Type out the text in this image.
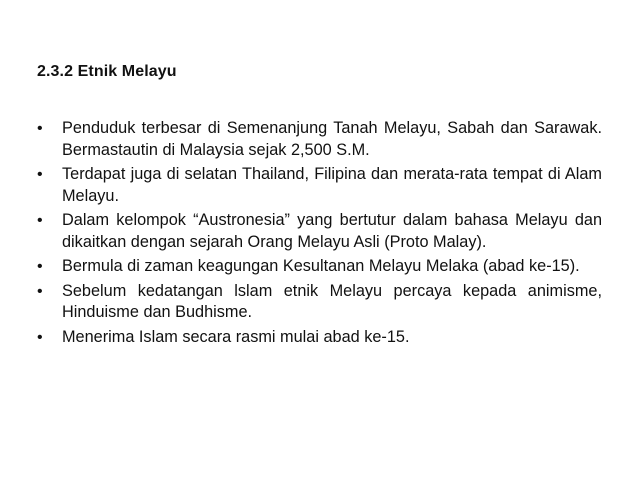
2.3.2 Etnik Melayu
• Penduduk terbesar di Semenanjung Tanah Melayu, Sabah dan Sarawak. Bermastautin di Malaysia sejak 2,500 S.M.
• Terdapat juga di selatan Thailand, Filipina dan merata-rata tempat di Alam Melayu.
• Dalam kelompok “Austronesia” yang bertutur dalam bahasa Melayu dan dikaitkan dengan sejarah Orang Melayu Asli (Proto Malay).
• Bermula di zaman keagungan Kesultanan Melayu Melaka (abad ke-15).
• Sebelum kedatangan lslam etnik Melayu percaya kepada animisme, Hinduisme dan Budhisme.
• Menerima Islam secara rasmi mulai abad ke-15.
